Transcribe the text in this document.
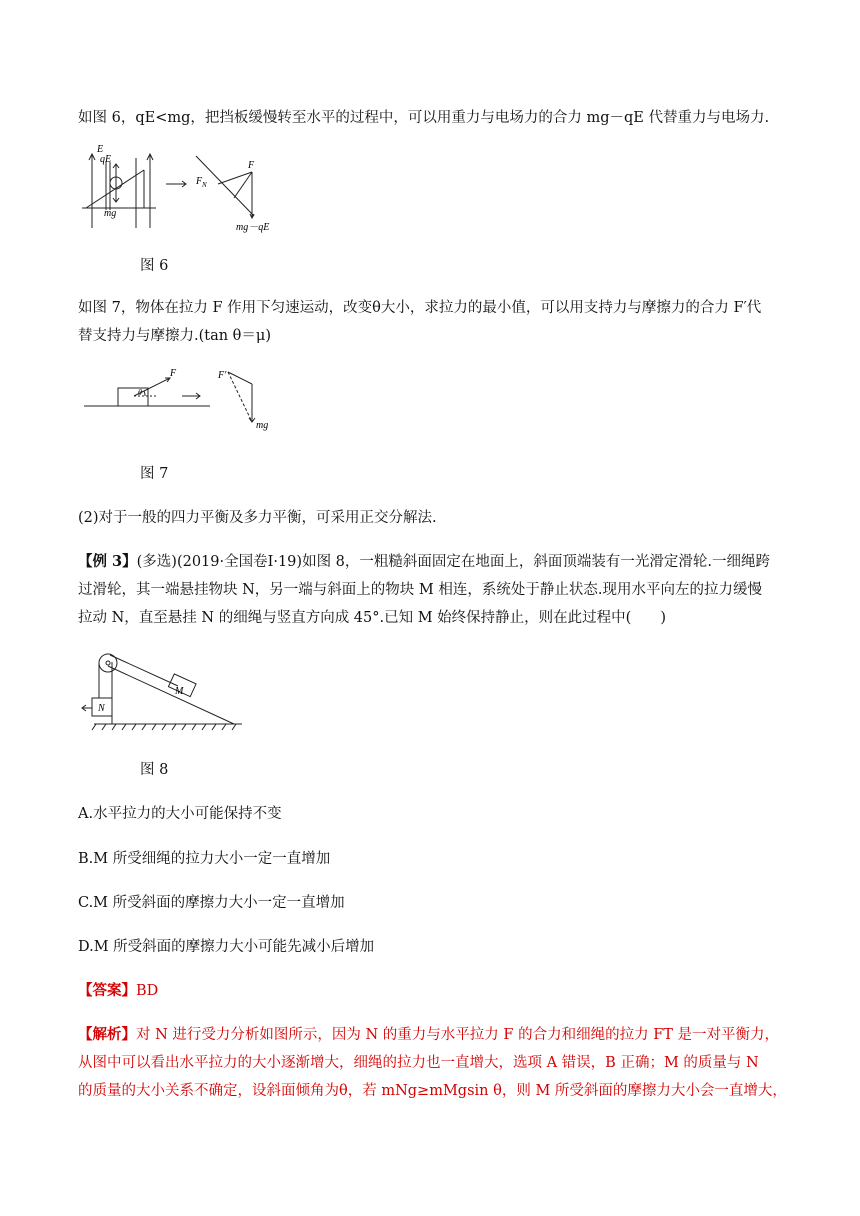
如图 6，qE<mg，把挡板缓慢转至水平的过程中，可以用重力与电场力的合力 mg－qE 代替重力与电场力.
E
qE
mg
F
F N
mg－qE
图 6
如图 7，物体在拉力 F 作用下匀速运动，改变θ大小，求拉力的最小值，可以用支持力与摩擦力的合力 F′代
替支持力与摩擦力.(tan θ＝μ)
F
θ
F′
mg
图 7
(2)对于一般的四力平衡及多力平衡，可采用正交分解法.
【例 3】(多选)(2019·全国卷Ⅰ·19)如图 8，一粗糙斜面固定在地面上，斜面顶端装有一光滑定滑轮.一细绳跨
过滑轮，其一端悬挂物块 N，另一端与斜面上的物块 M 相连，系统处于静止状态.现用水平向左的拉力缓慢
拉动 N，直至悬挂 N 的细绳与竖直方向成 45°.已知 M 始终保持静止，则在此过程中(　　)
M
N
图 8
A.水平拉力的大小可能保持不变
B.M 所受细绳的拉力大小一定一直增加
C.M 所受斜面的摩擦力大小一定一直增加
D.M 所受斜面的摩擦力大小可能先减小后增加
【答案】BD
【解析】对 N 进行受力分析如图所示，因为 N 的重力与水平拉力 F 的合力和细绳的拉力 FT 是一对平衡力，
从图中可以看出水平拉力的大小逐渐增大，细绳的拉力也一直增大，选项 A 错误，B 正确；M 的质量与 N
的质量的大小关系不确定，设斜面倾角为θ，若 mNg≥mMgsin θ，则 M 所受斜面的摩擦力大小会一直增大，
